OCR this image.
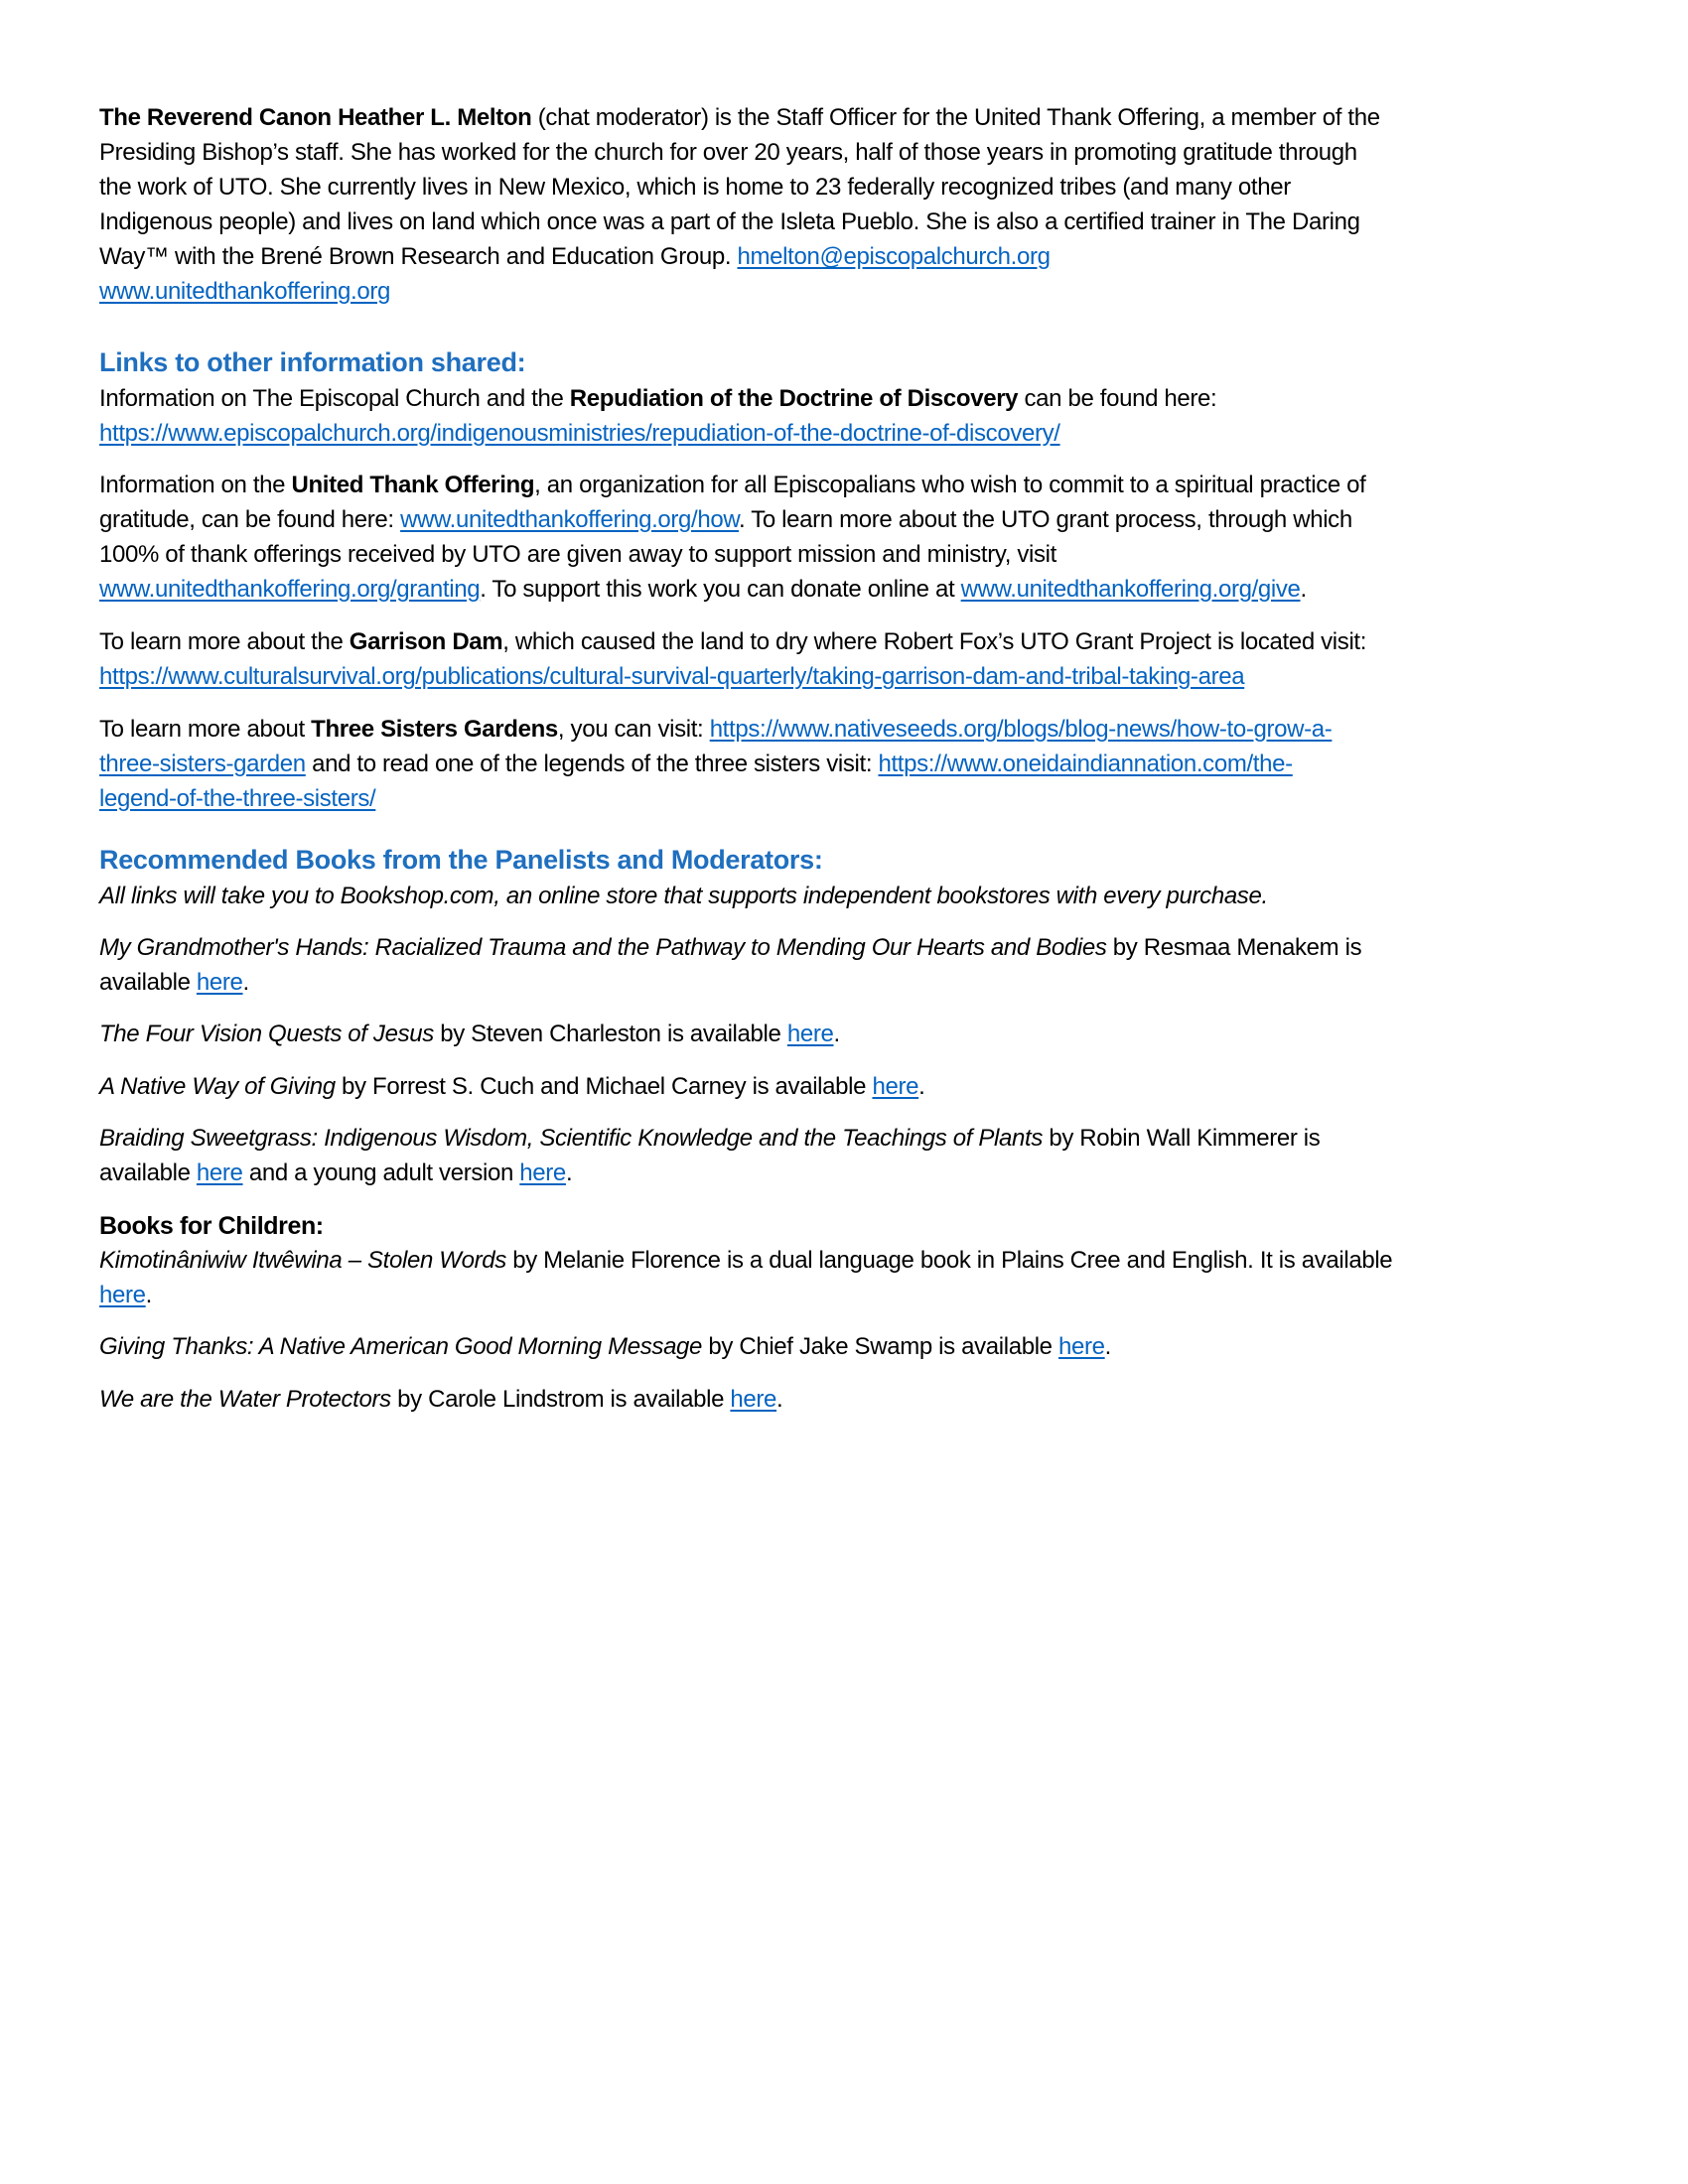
The Reverend Canon Heather L. Melton (chat moderator) is the Staff Officer for the United Thank Offering, a member of the
Presiding Bishop’s staff. She has worked for the church for over 20 years, half of those years in promoting gratitude through
the work of UTO. She currently lives in New Mexico, which is home to 23 federally recognized tribes (and many other
Indigenous people) and lives on land which once was a part of the Isleta Pueblo. She is also a certified trainer in The Daring
Way™ with the Brené Brown Research and Education Group. hmelton@episcopalchurch.org
www.unitedthankoffering.org
Links to other information shared:
Information on The Episcopal Church and the Repudiation of the Doctrine of Discovery can be found here:
https://www.episcopalchurch.org/indigenousministries/repudiation-of-the-doctrine-of-discovery/
Information on the United Thank Offering, an organization for all Episcopalians who wish to commit to a spiritual practice of
gratitude, can be found here: www.unitedthankoffering.org/how. To learn more about the UTO grant process, through which
100% of thank offerings received by UTO are given away to support mission and ministry, visit
www.unitedthankoffering.org/granting. To support this work you can donate online at www.unitedthankoffering.org/give.
To learn more about the Garrison Dam, which caused the land to dry where Robert Fox’s UTO Grant Project is located visit:
https://www.culturalsurvival.org/publications/cultural-survival-quarterly/taking-garrison-dam-and-tribal-taking-area
To learn more about Three Sisters Gardens, you can visit: https://www.nativeseeds.org/blogs/blog-news/how-to-grow-a-
three-sisters-garden and to read one of the legends of the three sisters visit: https://www.oneidaindiannation.com/the-
legend-of-the-three-sisters/
Recommended Books from the Panelists and Moderators:
All links will take you to Bookshop.com, an online store that supports independent bookstores with every purchase.
My Grandmother's Hands: Racialized Trauma and the Pathway to Mending Our Hearts and Bodies by Resmaa Menakem is
available here.
The Four Vision Quests of Jesus by Steven Charleston is available here.
A Native Way of Giving by Forrest S. Cuch and Michael Carney is available here.
Braiding Sweetgrass: Indigenous Wisdom, Scientific Knowledge and the Teachings of Plants by Robin Wall Kimmerer is
available here and a young adult version here.
Books for Children:
Kimotinâniwiw Itwêwina – Stolen Words by Melanie Florence is a dual language book in Plains Cree and English. It is available
here.
Giving Thanks: A Native American Good Morning Message by Chief Jake Swamp is available here.
We are the Water Protectors by Carole Lindstrom is available here.
